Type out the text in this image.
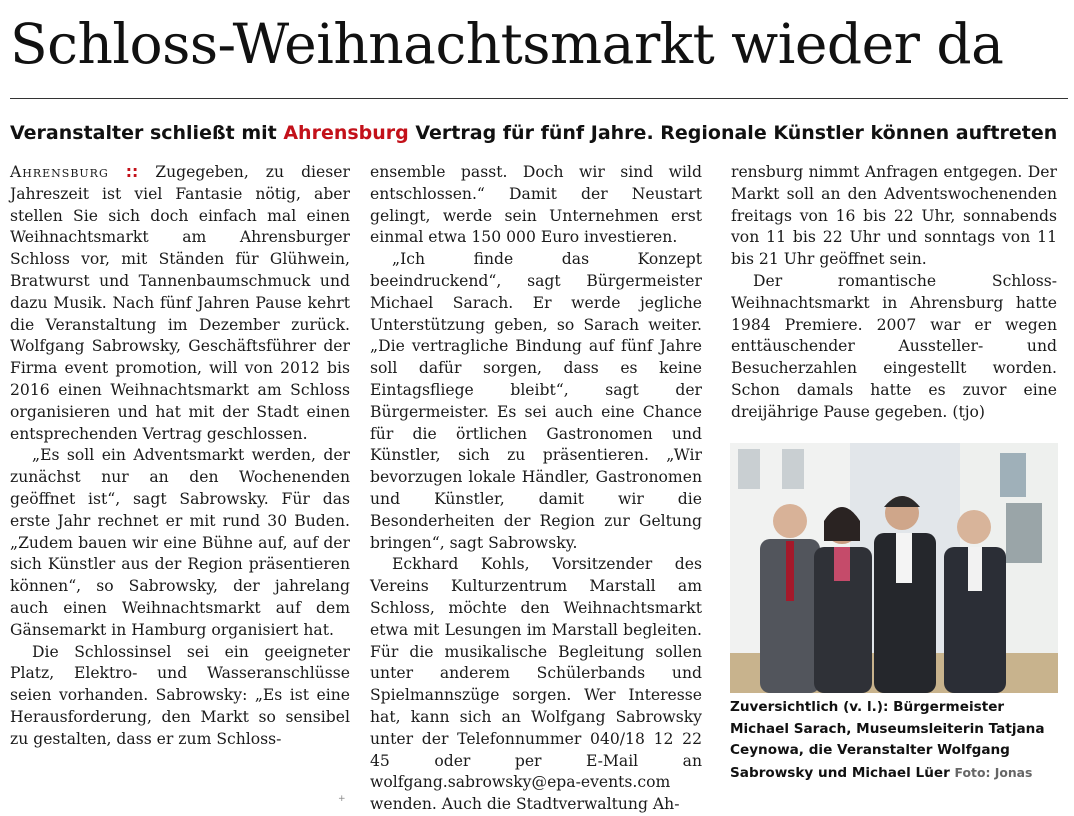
Schloss-Weihnachtsmarkt wieder da
Veranstalter schließt mit Ahrensburg Vertrag für fünf Jahre. Regionale Künstler können auftreten

Ahrensburg :: Zugegeben, zu dieser Jahreszeit ist viel Fantasie nötig, aber stellen Sie sich doch einfach mal einen Weihnachtsmarkt am Ahrensburger Schloss vor, mit Ständen für Glühwein, Bratwurst und Tannenbaumschmuck und dazu Musik. Nach fünf Jahren Pause kehrt die Veranstaltung im Dezember zurück. Wolfgang Sabrowsky, Geschäftsführer der Firma event promotion, will von 2012 bis 2016 einen Weihnachtsmarkt am Schloss organisieren und hat mit der Stadt einen entsprechenden Vertrag geschlossen.

„Es soll ein Adventsmarkt werden, der zunächst nur an den Wochenenden geöffnet ist“, sagt Sabrowsky. Für das erste Jahr rechnet er mit rund 30 Buden. „Zudem bauen wir eine Bühne auf, auf der sich Künstler aus der Region präsentieren können“, so Sabrowsky, der jahrelang auch einen Weihnachtsmarkt auf dem Gänsemarkt in Hamburg organisiert hat.

Die Schlossinsel sei ein geeigneter Platz, Elektro- und Wasseranschlüsse seien vorhanden. Sabrowsky: „Es ist eine Herausforderung, den Markt so sensibel zu gestalten, dass er zum Schloss-

ensemble passt. Doch wir sind wild entschlossen.“ Damit der Neustart gelingt, werde sein Unternehmen erst einmal etwa 150 000 Euro investieren.

„Ich finde das Konzept beeindruckend“, sagt Bürgermeister Michael Sarach. Er werde jegliche Unterstützung geben, so Sarach weiter. „Die vertragliche Bindung auf fünf Jahre soll dafür sorgen, dass es keine Eintagsfliege bleibt“, sagt der Bürgermeister. Es sei auch eine Chance für die örtlichen Gastronomen und Künstler, sich zu präsentieren. „Wir bevorzugen lokale Händler, Gastronomen und Künstler, damit wir die Besonderheiten der Region zur Geltung bringen“, sagt Sabrowsky.

Eckhard Kohls, Vorsitzender des Vereins Kulturzentrum Marstall am Schloss, möchte den Weihnachtsmarkt etwa mit Lesungen im Marstall begleiten. Für die musikalische Begleitung sollen unter anderem Schülerbands und Spielmannszüge sorgen. Wer Interesse hat, kann sich an Wolfgang Sabrowsky unter der Telefonnummer 040/18 12 22 45 oder per E-Mail an wolfgang.sabrowsky@epa-events.com wenden. Auch die Stadtverwaltung Ah-

rensburg nimmt Anfragen entgegen. Der Markt soll an den Adventswochenenden freitags von 16 bis 22 Uhr, sonnabends von 11 bis 22 Uhr und sonntags von 11 bis 21 Uhr geöffnet sein.

Der romantische Schloss-Weihnachtsmarkt in Ahrensburg hatte 1984 Premiere. 2007 war er wegen enttäuschender Aussteller- und Besucherzahlen eingestellt worden. Schon damals hatte es zuvor eine dreijährige Pause gegeben. (tjo)

Zuversichtlich (v. l.): Bürgermeister Michael Sarach, Museumsleiterin Tatjana Ceynowa, die Veranstalter Wolfgang Sabrowsky und Michael Lüer Foto: Jonas
+
